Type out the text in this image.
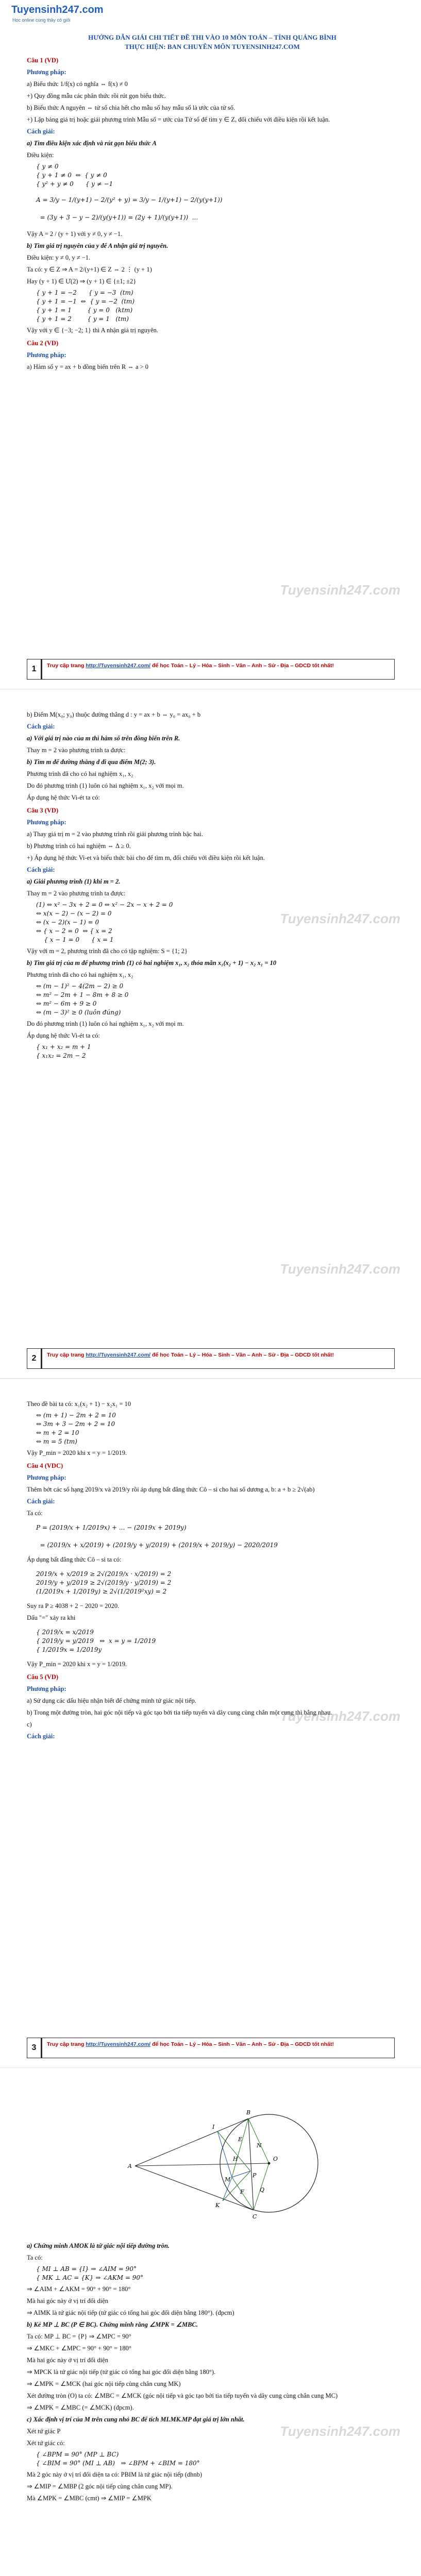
Tuyensinh247.com
Học online cùng thầy cô giỏi
Tuyensinh247.com
HƯỚNG DẪN GIẢI CHI TIẾT ĐỀ THI VÀO 10 MÔN TOÁN – TỈNH QUẢNG BÌNH
THỰC HIỆN: BAN CHUYÊN MÔN TUYENSINH247.COM

Câu 1 (VD)

Phương pháp:

a) Biểu thức 1/f(x) có nghĩa ⇔ f(x) ≠ 0

+) Quy đồng mẫu các phân thức rồi rút gọn biểu thức.

b) Biểu thức A nguyên ⇔ tử số chia hết cho mẫu số hay mẫu số là ước của tử số.

+) Lập bảng giá trị hoặc giải phương trình Mẫu số = ước của Tử số để tìm y ∈ Z, đối chiếu với điều kiện rồi kết luận.

Cách giải:

a) Tìm điều kiện xác định và rút gọn biểu thức A

Điều kiện:

{ y ≠ 0
{ y + 1 ≠ 0  ⇔  { y ≠ 0
{ y² + y ≠ 0      { y ≠ −1
A = 3/y − 1/(y+1) − 2/(y² + y) = 3/y − 1/(y+1) − 2/(y(y+1))

= (3y + 3 − y − 2)/(y(y+1)) = (2y + 1)/(y(y+1))  ...

Vậy A = 2 / (y + 1) với y ≠ 0, y ≠ −1.

b) Tìm giá trị nguyên của y để A nhận giá trị nguyên.

Điều kiện: y ≠ 0, y ≠ −1.

Ta có: y ∈ Z ⇒ A = 2/(y+1) ∈ Z ⇔ 2 ⋮ (y + 1)

Hay (y + 1) ∈ Ư(2) ⇒ (y + 1) ∈ {±1; ±2}

{ y + 1 = −2      { y = −3  (tm)
{ y + 1 = −1  ⇔  { y = −2  (tm)
{ y + 1 = 1        { y = 0   (ktm)
{ y + 1 = 2        { y = 1   (tm)

Vậy với y ∈ {−3; −2; 1} thì A nhận giá trị nguyên.

Câu 2 (VD)

Phương pháp:

a) Hàm số y = ax + b đồng biến trên R ⇔ a > 0

1	Truy cập trang http://Tuyensinh247.com/ để học Toán – Lý – Hóa – Sinh – Văn – Anh – Sử - Địa – GDCD tốt nhất!
Tuyensinh247.com
Tuyensinh247.com

b) Điểm M(x₀; y₀) thuộc đường thẳng d : y = ax + b ⇔ y₀ = ax₀ + b

Cách giải:

a) Với giá trị nào của m thì hàm số trên đồng biến trên R.

Thay m = 2 vào phương trình ta được:

b) Tìm m để đường thẳng d đi qua điểm M(2; 3).

Phương trình đã cho có hai nghiệm x₁, x₂

Do đó phương trình (1) luôn có hai nghiệm x₁, x₂ với mọi m.

Áp dụng hệ thức Vi-ét ta có:

Câu 3 (VD)

Phương pháp:

a) Thay giá trị m = 2 vào phương trình rồi giải phương trình bậc hai.

b) Phương trình có hai nghiệm ⇔ Δ ≥ 0.

+) Áp dụng hệ thức Vi-et và biểu thức bài cho để tìm m, đối chiếu với điều kiện rồi kết luận.

Cách giải:

a) Giải phương trình (1) khi m = 2.

Thay m = 2 vào phương trình ta được:

(1) ⇔ x² − 3x + 2 = 0 ⇔ x² − 2x − x + 2 = 0
⇔ x(x − 2) − (x − 2) = 0
⇔ (x − 2)(x − 1) = 0
⇔ { x − 2 = 0  ⇔ { x = 2
{ x − 1 = 0      { x = 1

Vậy với m = 2, phương trình đã cho có tập nghiệm: S = {1; 2}

b) Tìm giá trị của m để phương trình (1) có hai nghiệm x₁, x₂ thỏa mãn x₁(x₂ + 1) − x₂ x₁ = 10

Phương trình đã cho có hai nghiệm x₁, x₂

⇔ (m − 1)² − 4(2m − 2) ≥ 0
⇔ m² − 2m + 1 − 8m + 8 ≥ 0
⇔ m² − 6m + 9 ≥ 0
⇔ (m − 3)² ≥ 0 (luôn đúng)

Do đó phương trình (1) luôn có hai nghiệm x₁, x₂ với mọi m.

Áp dụng hệ thức Vi-ét ta có:

{ x₁ + x₂ = m + 1
{ x₁x₂ = 2m − 2
2	Truy cập trang http://Tuyensinh247.com/ để học Toán – Lý – Hóa – Sinh – Văn – Anh – Sử - Địa – GDCD tốt nhất!
Tuyensinh247.com

Theo đề bài ta có: x₁(x₂ + 1) − x₂x₁ = 10

⇔ (m + 1) − 2m + 2 = 10
⇔ 3m + 3 − 2m + 2 = 10
⇔ m + 2 = 10
⇔ m = 5 (tm)

Vậy P_min = 2020 khi x = y = 1/2019.

Câu 4 (VDC)

Phương pháp:

Thêm bớt các số hạng 2019/x và 2019/y rồi áp dụng bất đẳng thức Cô – si cho hai số dương a, b: a + b ≥ 2√(ab)

Cách giải:

Ta có:

P = (2019/x + 1/2019x) + ... − (2019x + 2019y)

= (2019/x + x/2019) + (2019/y + y/2019) + (2019/x + 2019/y) − 2020/2019

Áp dụng bất đẳng thức Cô – si ta có:

2019/x + x/2019 ≥ 2√(2019/x · x/2019) = 2
2019/y + y/2019 ≥ 2√(2019/y · y/2019) = 2
(1/2019x + 1/2019y) ≥ 2√(1/2019²xy) = 2

Suy ra P ≥ 4038 + 2 − 2020 = 2020.

Dấu "=" xảy ra khi

{ 2019/x = x/2019
{ 2019/y = y/2019   ⇔  x = y = 1/2019
{ 1/2019x = 1/2019y

Vậy P_min = 2020 khi x = y = 1/2019.

Câu 5 (VD)

Phương pháp:

a) Sử dụng các dấu hiệu nhận biết để chứng minh tứ giác nội tiếp.

b) Trong một đường tròn, hai góc nội tiếp và góc tạo bởi tia tiếp tuyến và dây cung cùng chắn một cung thì bằng nhau.

c)

Cách giải:

3	Truy cập trang http://Tuyensinh247.com/ để học Toán – Lý – Hóa – Sinh – Văn – Anh – Sử - Địa – GDCD tốt nhất!
Tuyensinh247.com
A
B
C
O
M
I
K
P
E
F
H
N
Q

a) Chứng minh AMOK là tứ giác nội tiếp đường tròn.

Ta có:

{ MI ⊥ AB = {I} ⇒ ∠AIM = 90°
{ MK ⊥ AC = {K} ⇒ ∠AKM = 90°

⇒ ∠AIM + ∠AKM = 90° + 90° = 180°

Mà hai góc này ở vị trí đối diện

⇒ AIMK là tứ giác nội tiếp (tứ giác có tổng hai góc đối diện bằng 180°). (đpcm)

b) Kẻ MP ⊥ BC (P ∈ BC). Chứng minh rằng ∠MPK = ∠MBC.

Ta có: MP ⊥ BC = {P} ⇒ ∠MPC = 90°

⇒ ∠MKC + ∠MPC = 90° + 90° = 180°

Mà hai góc này ở vị trí đối diện

⇒ MPCK là tứ giác nội tiếp (tứ giác có tổng hai góc đối diện bằng 180°).

⇒ ∠MPK = ∠MCK (hai góc nội tiếp cùng chắn cung MK)

Xét đường tròn (O) ta có: ∠MBC = ∠MCK (góc nội tiếp và góc tạo bởi tia tiếp tuyến và dây cung cùng chắn cung MC)

⇒ ∠MPK = ∠MBC (= ∠MCK) (đpcm).

c) Xác định vị trí của M trên cung nhỏ BC để tích MI.MK.MP đạt giá trị lớn nhất.

Xét tứ giác P

Xét tứ giác có:

{ ∠BPM = 90° (MP ⊥ BC)
{ ∠BIM = 90° (MI ⊥ AB)   ⇒ ∠BPM + ∠BIM = 180°

Mà 2 góc này ở vị trí đối diện ta có: PBIM là tứ giác nội tiếp (dhnb)

⇒ ∠MIP = ∠MBP (2 góc nội tiếp cùng chắn cung MP).

Mà ∠MPK = ∠MBC (cmt) ⇒ ∠MIP = ∠MPK
